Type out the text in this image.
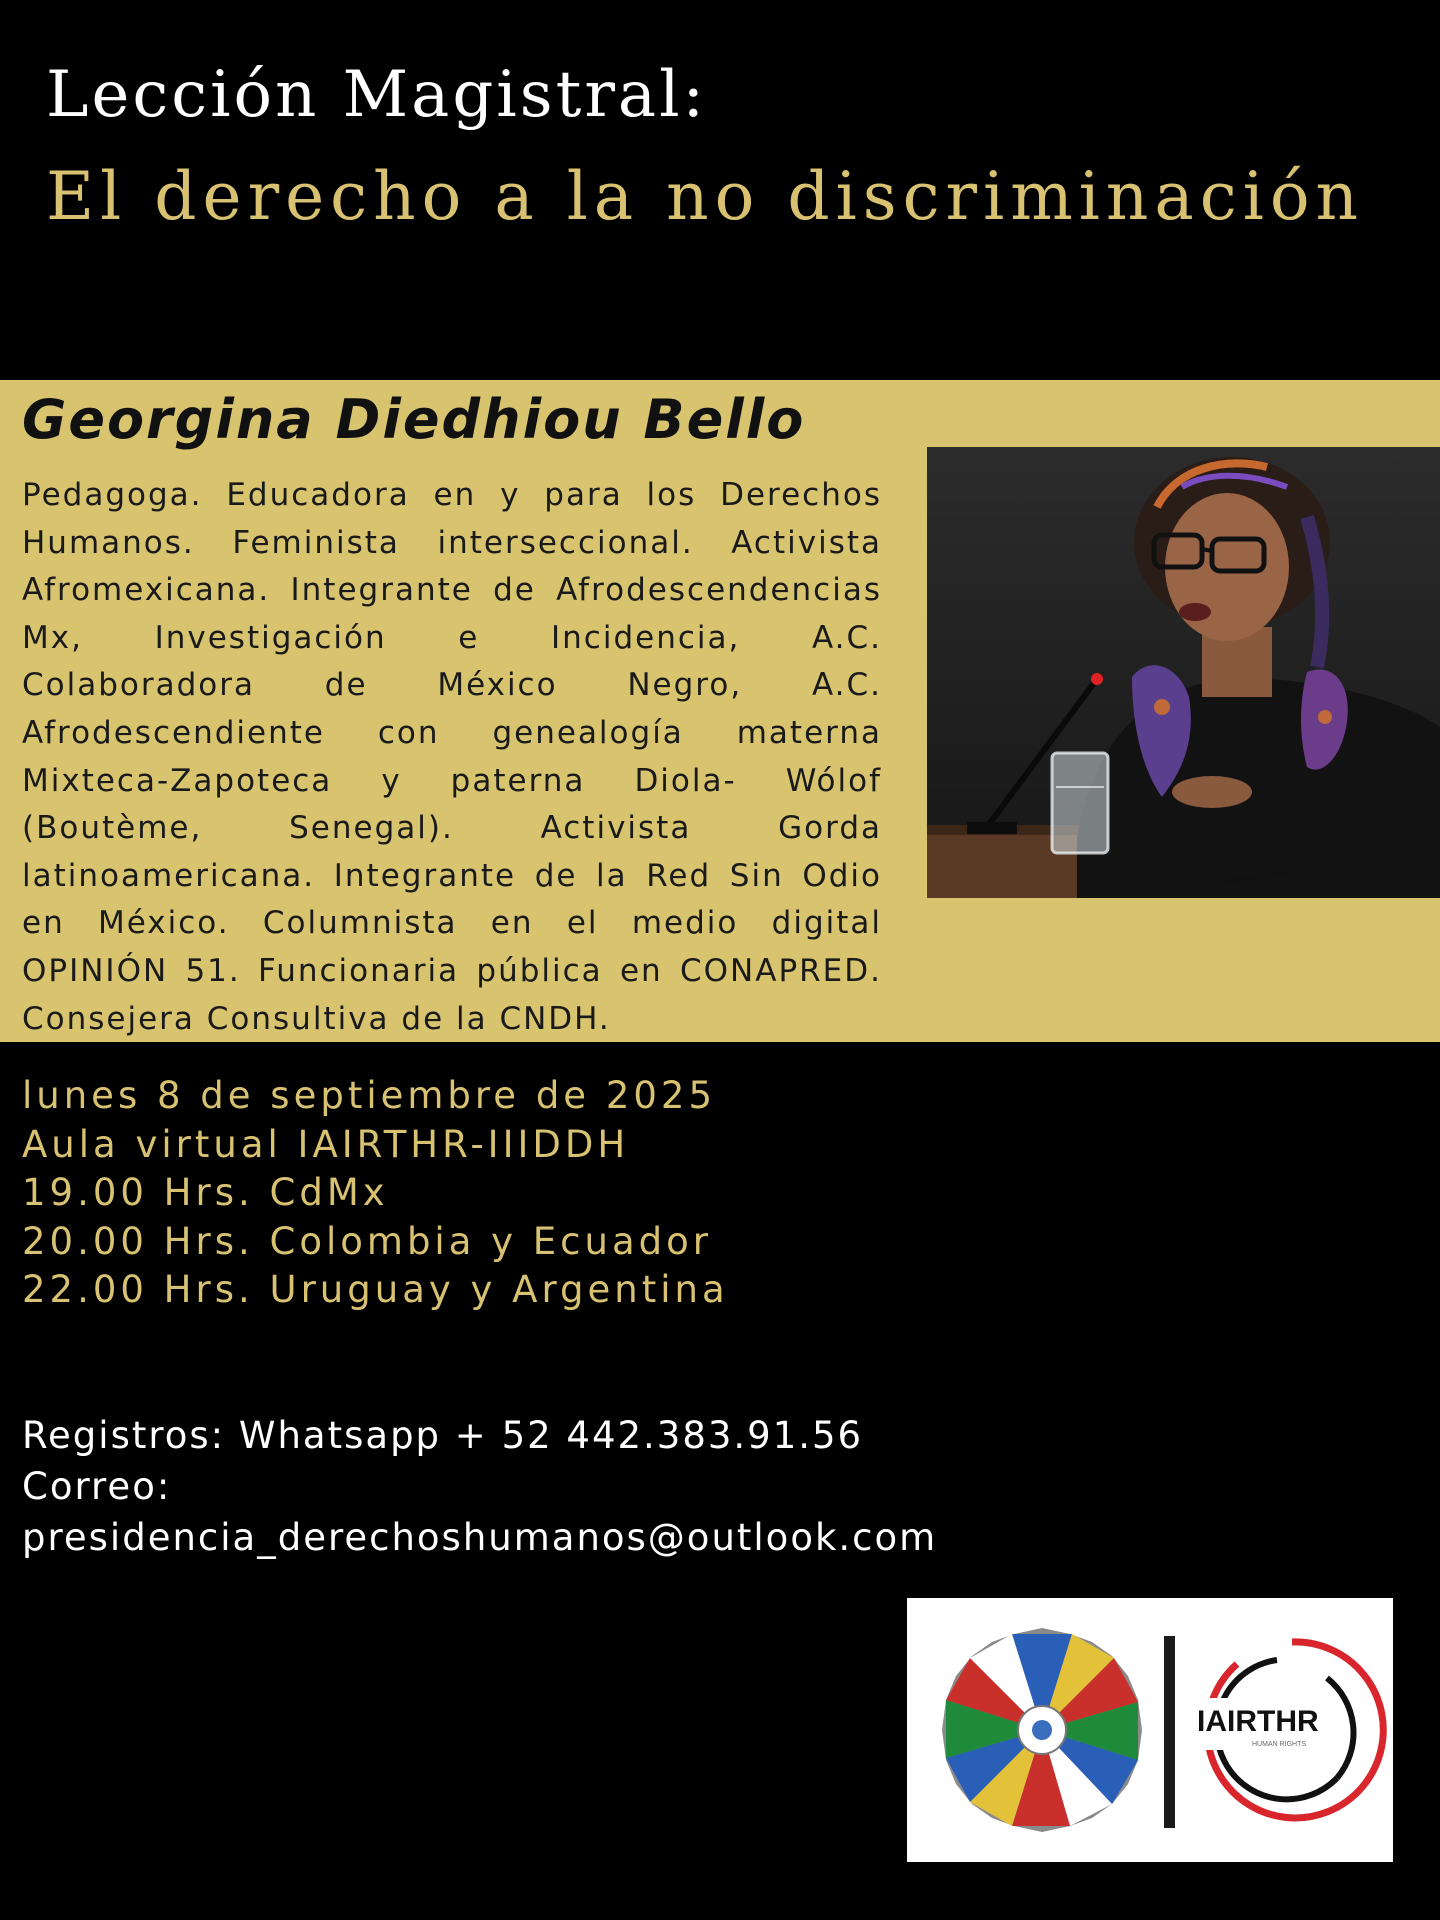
Lección Magistral:
El derecho a la no discriminación
Georgina Diedhiou Bello

Pedagoga. Educadora en y para los Derechos Humanos. Feminista interseccional. Activista Afromexicana. Integrante de Afrodescendencias Mx, Investigación e Incidencia, A.C. Colaboradora de México Negro, A.C. Afrodescendiente con genealogía materna Mixteca-Zapoteca y paterna Diola- Wólof (Boutème, Senegal). Activista Gorda latinoamericana. Integrante de la Red Sin Odio en México. Columnista en el medio digital OPINIÓN 51. Funcionaria pública en CONAPRED. Consejera Consultiva de la CNDH.

lunes 8 de septiembre de 2025
Aula virtual IAIRTHR-IIIDDH
19.00 Hrs. CdMx
20.00 Hrs. Colombia y Ecuador
22.00 Hrs. Uruguay y Argentina
Registros: Whatsapp + 52 442.383.91.56
Correo:
presidencia_derechoshumanos@outlook.com
IAIRTHR
HUMAN RIGHTS
